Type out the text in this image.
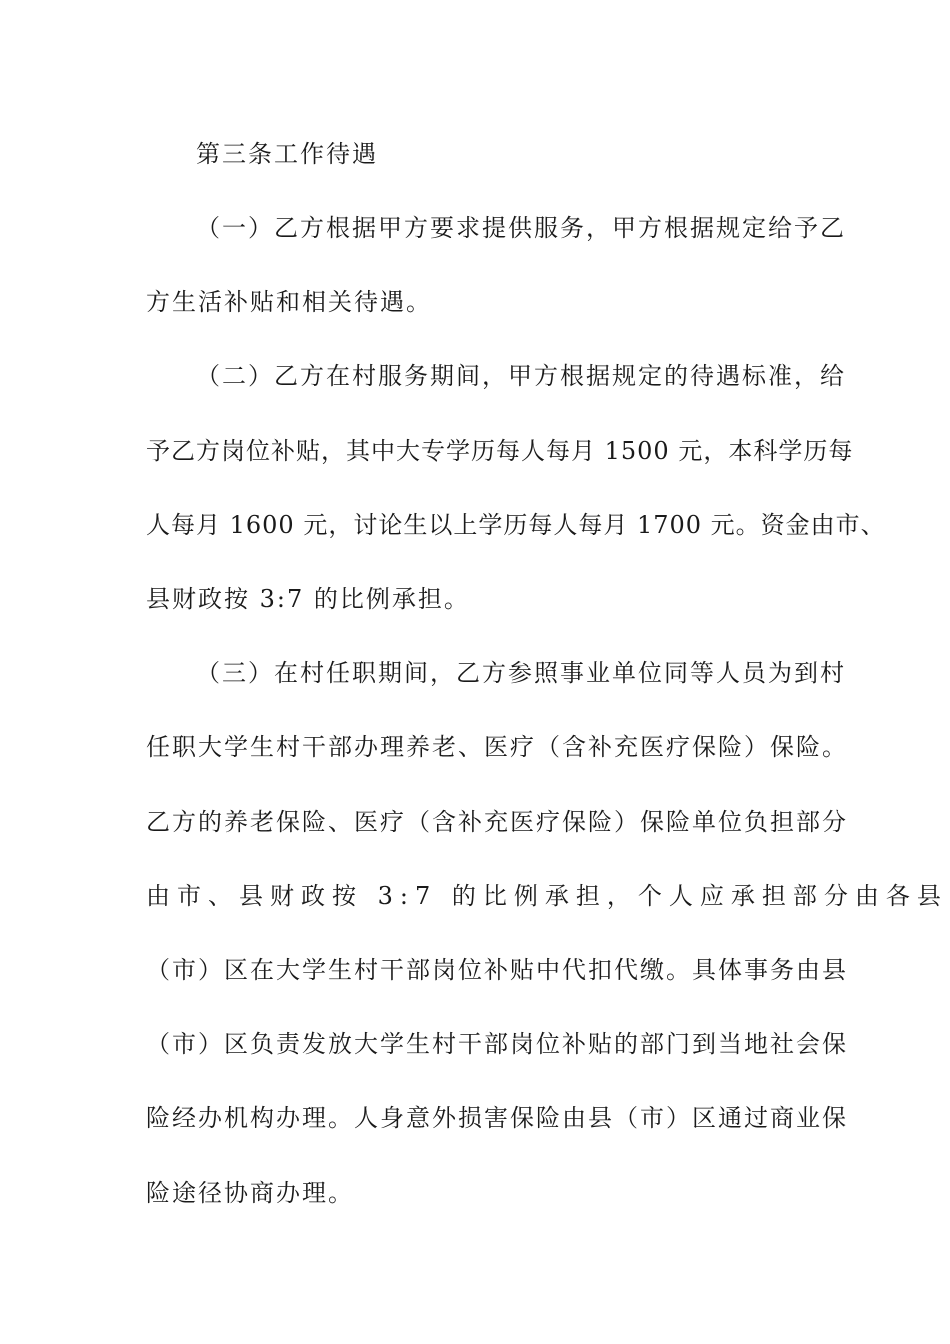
第三条工作待遇
（一）乙方根据甲方要求提供服务，甲方根据规定给予乙
方生活补贴和相关待遇。
（二）乙方在村服务期间，甲方根据规定的待遇标准，给
予乙方岗位补贴，其中大专学历每人每月 1500 元，本科学历每
人每月 1600 元，讨论生以上学历每人每月 1700 元。资金由市、
县财政按 3:7 的比例承担。
（三）在村任职期间，乙方参照事业单位同等人员为到村
任职大学生村干部办理养老、医疗（含补充医疗保险）保险。
乙方的养老保险、医疗（含补充医疗保险）保险单位负担部分
由市、县财政按 3:7 的比例承担，个人应承担部分由各县
（市）区在大学生村干部岗位补贴中代扣代缴。具体事务由县
（市）区负责发放大学生村干部岗位补贴的部门到当地社会保
险经办机构办理。人身意外损害保险由县（市）区通过商业保
险途径协商办理。
